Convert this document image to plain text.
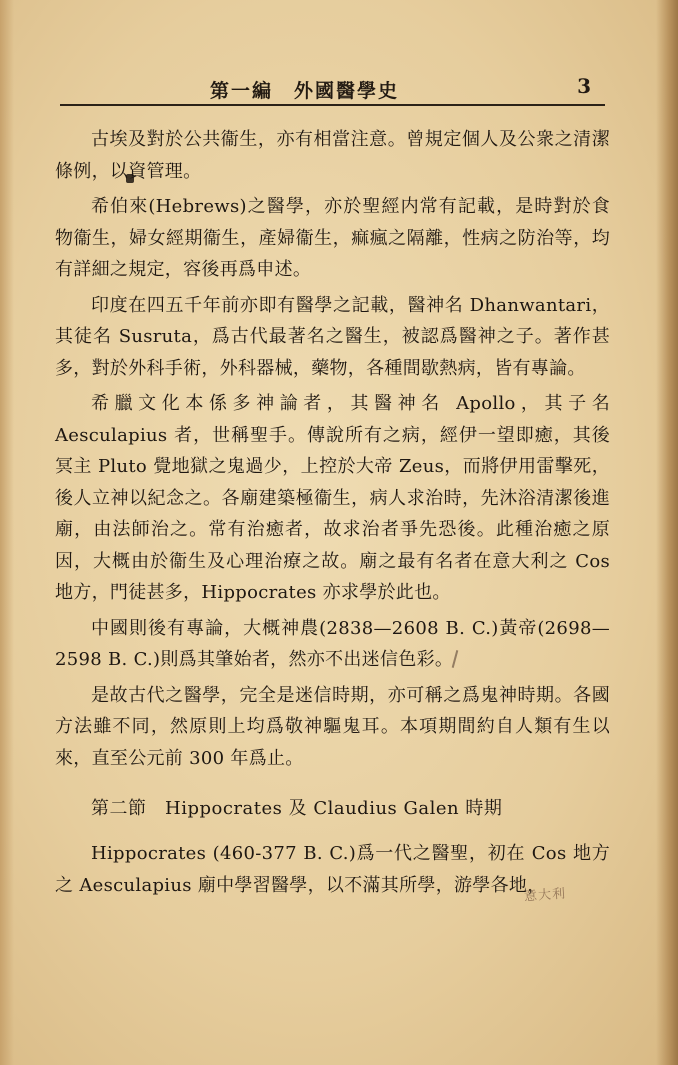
第一編　外國醫學史	3

古埃及對於公共衞生，亦有相當注意。曾規定個人及公衆之清潔條例，以資管理。

希伯來(Hebrews)之醫學，亦於聖經内常有記載，是時對於食物衞生，婦女經期衞生，產婦衞生，痲瘋之隔離，性病之防治等，均有詳細之規定，容後再爲申述。

印度在四五千年前亦即有醫學之記載，醫神名 Dhanwantari，其徒名 Susruta，爲古代最著名之醫生，被認爲醫神之子。著作甚多，對於外科手術，外科器械，藥物，各種間歇熱病，皆有專論。

希臘文化本係多神論者，其醫神名 Apollo，其子名 Aesculapius 者，世稱聖手。傳說所有之病，經伊一望即癒，其後冥主 Pluto 覺地獄之鬼過少，上控於大帝 Zeus，而將伊用雷擊死，後人立神以紀念之。各廟建築極衞生，病人求治時，先沐浴清潔後進廟，由法師治之。常有治癒者，故求治者爭先恐後。此種治癒之原因，大概由於衞生及心理治療之故。廟之最有名者在意大利之 Cos 地方，門徒甚多，Hippocrates 亦求學於此也。

中國則後有專論，大概神農(2838—2608 B. C.)黃帝(2698—2598 B. C.)則爲其肇始者，然亦不出迷信色彩。

是故古代之醫學，完全是迷信時期，亦可稱之爲鬼神時期。各國方法雖不同，然原則上均爲敬神驅鬼耳。本項期間約自人類有生以來，直至公元前 300 年爲止。

第二節　Hippocrates 及 Claudius Galen 時期

Hippocrates (460-377 B. C.)爲一代之醫聖，初在 Cos 地方之 Aesculapius 廟中學習醫學，以不滿其所學，游學各地，

意大利
